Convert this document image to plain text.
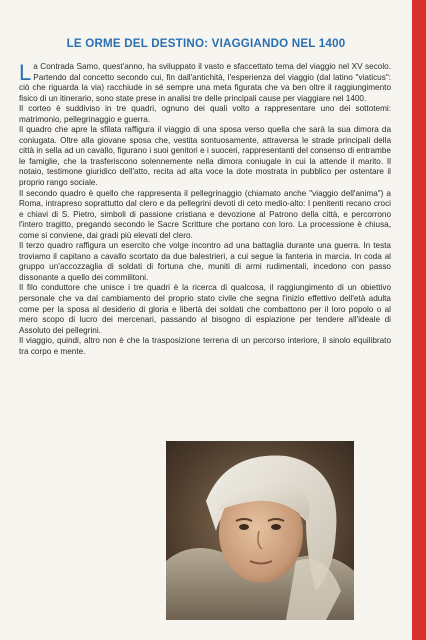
LE ORME DEL DESTINO: VIAGGIANDO NEL 1400

La Contrada Samo, quest'anno, ha sviluppato il vasto e sfaccettato tema del viaggio nel XV secolo. Partendo dal concetto secondo cui, fin dall'antichità, l'esperienza del viaggio (dal latino "viaticus": ciò che riguarda la via) racchiude in sé sempre una meta figurata che va ben oltre il raggiungimento fisico di un itinerario, sono state prese in analisi tre delle principali cause per viaggiare nel 1400.

Il corteo è suddiviso in tre quadri, ognuno dei quali volto a rappresentare uno dei sottotemi: matrimonio, pellegrinaggio e guerra.

Il quadro che apre la sfilata raffigura il viaggio di una sposa verso quella che sarà la sua dimora da coniugata. Oltre alla giovane sposa che, vestita sontuosamente, attraversa le strade principali della città in sella ad un cavallo, figurano i suoi genitori e i suoceri, rappresentanti del consenso di entrambe le famiglie, che la trasferiscono solennemente nella dimora coniugale in cui la attende il marito. Il notaio, testimone giuridico dell'atto, recita ad alta voce la dote mostrata in pubblico per ostentare il proprio rango sociale.

Il secondo quadro è quello che rappresenta il pellegrinaggio (chiamato anche "viaggio dell'anima") a Roma, intrapreso soprattutto dal clero e da pellegrini devoti di ceto medio-alto: I penitenti recano croci e chiavi di S. Pietro, simboli di passione cristiana e devozione al Patrono della città, e percorrono l'intero tragitto, pregando secondo le Sacre Scritture che portano con loro. La processione è chiusa, come si conviene, dai gradi più elevati del clero.

Il terzo quadro raffigura un esercito che volge incontro ad una battaglia durante una guerra. In testa troviamo il capitano a cavallo scortato da due balestrieri, a cui segue la fanteria in marcia. In coda al gruppo un'accozzaglia di soldati di fortuna che, muniti di armi rudimentali, incedono con passo dissonante a quello dei commilitoni.

Il filo conduttore che unisce i tre quadri è la ricerca di qualcosa, il raggiungimento di un obiettivo personale che va dal cambiamento del proprio stato civile che segna l'inizio effettivo dell'età adulta come per la sposa al desiderio di gloria e libertà dei soldati che combattono per il loro popolo o al mero scopo di lucro dei mercenari, passando al bisogno di espiazione per tendere all'ideale di Assoluto dei pellegrini.

Il viaggio, quindi, altro non è che la trasposizione terrena di un percorso interiore, il sinolo equilibrato tra corpo e mente.
